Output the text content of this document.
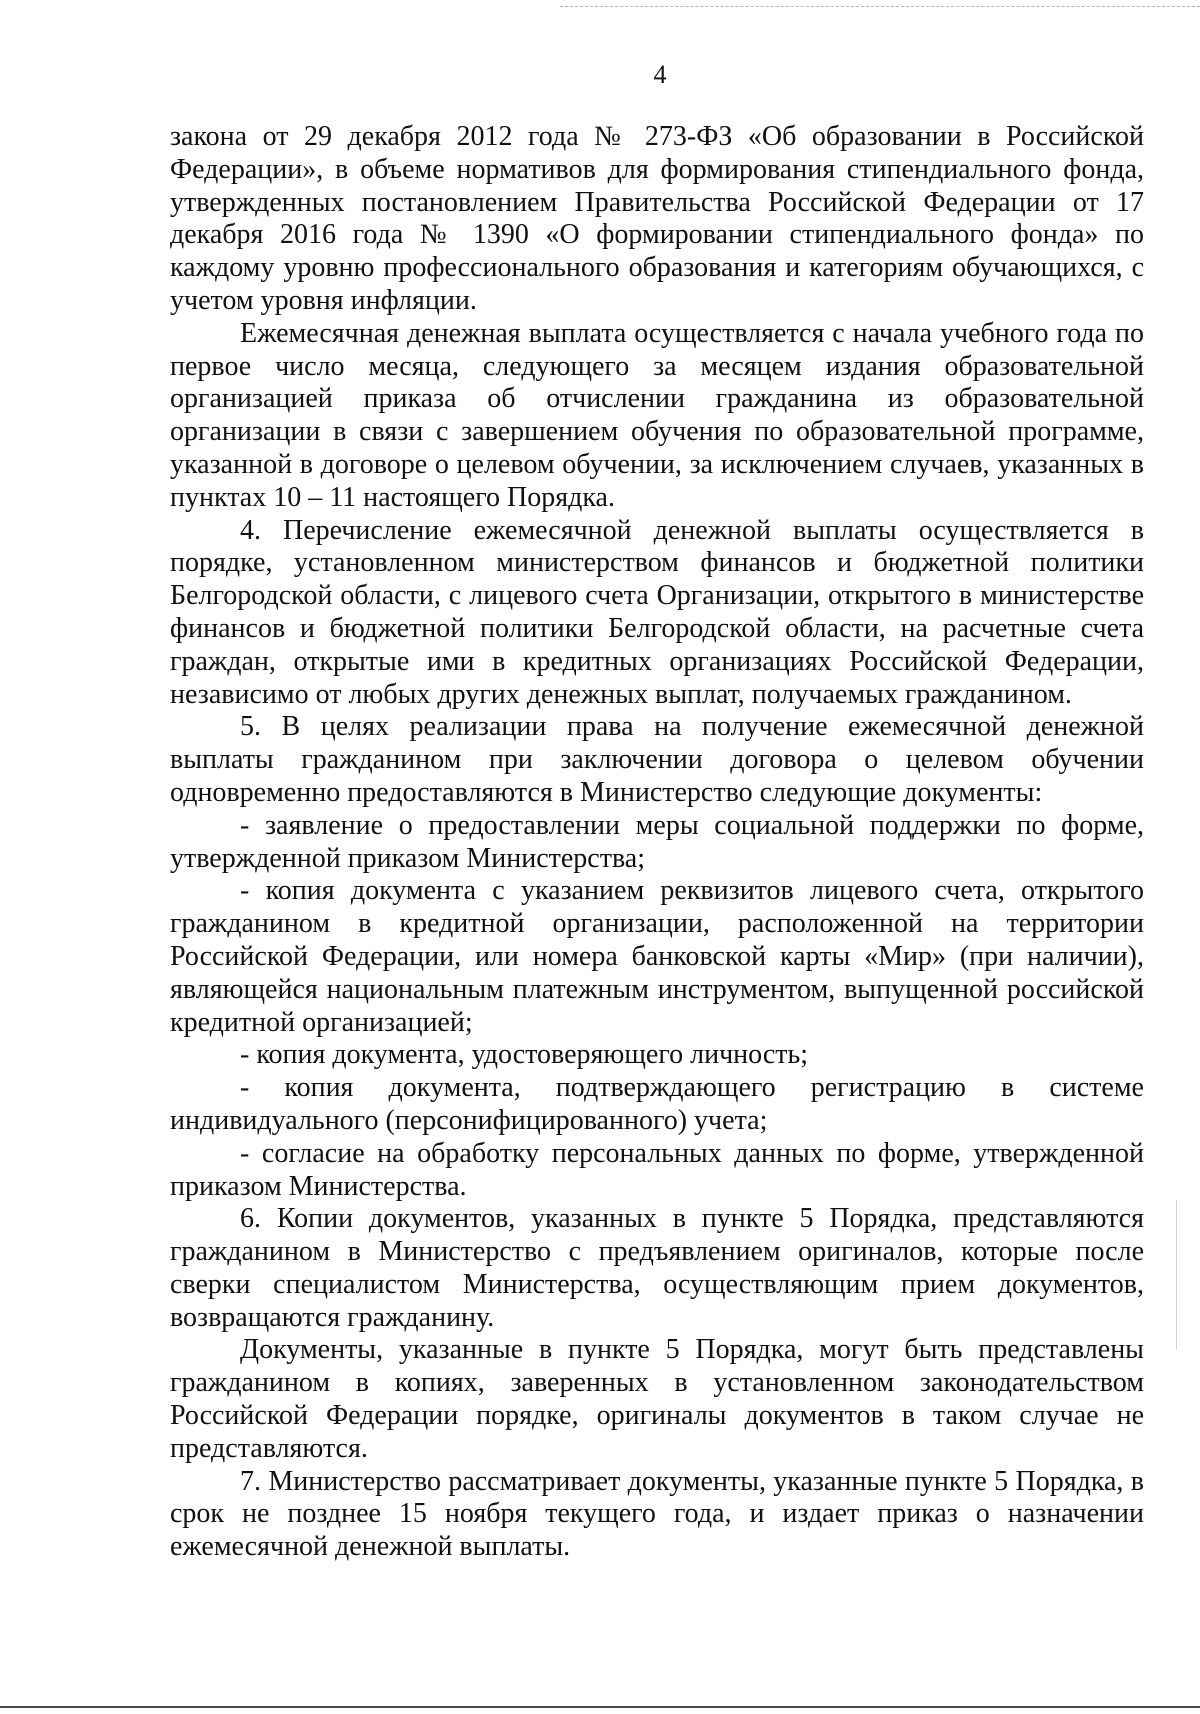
4

закона от 29 декабря 2012 года № 273-ФЗ «Об образовании в Российской Федерации», в объеме нормативов для формирования стипендиального фонда, утвержденных постановлением Правительства Российской Федерации от 17 декабря 2016 года № 1390 «О формировании стипендиального фонда» по каждому уровню профессионального образования и категориям обучающихся, с учетом уровня инфляции.

Ежемесячная денежная выплата осуществляется с начала учебного года по первое число месяца, следующего за месяцем издания образовательной организацией приказа об отчислении гражданина из образовательной организации в связи с завершением обучения по образовательной программе, указанной в договоре о целевом обучении, за исключением случаев, указанных в пунктах 10 – 11 настоящего Порядка.

4. Перечисление ежемесячной денежной выплаты осуществляется в порядке, установленном министерством финансов и бюджетной политики Белгородской области, с лицевого счета Организации, открытого в министерстве финансов и бюджетной политики Белгородской области, на расчетные счета граждан, открытые ими в кредитных организациях Российской Федерации, независимо от любых других денежных выплат, получаемых гражданином.

5. В целях реализации права на получение ежемесячной денежной выплаты гражданином при заключении договора о целевом обучении одновременно предоставляются в Министерство следующие документы:

- заявление о предоставлении меры социальной поддержки по форме, утвержденной приказом Министерства;

- копия документа с указанием реквизитов лицевого счета, открытого гражданином в кредитной организации, расположенной на территории Российской Федерации, или номера банковской карты «Мир» (при наличии), являющейся национальным платежным инструментом, выпущенной российской кредитной организацией;

- копия документа, удостоверяющего личность;

- копия документа, подтверждающего регистрацию в системе индивидуального (персонифицированного) учета;

- согласие на обработку персональных данных по форме, утвержденной приказом Министерства.

6. Копии документов, указанных в пункте 5 Порядка, представляются гражданином в Министерство с предъявлением оригиналов, которые после сверки специалистом Министерства, осуществляющим прием документов, возвращаются гражданину.

Документы, указанные в пункте 5 Порядка, могут быть представлены гражданином в копиях, заверенных в установленном законодательством Российской Федерации порядке, оригиналы документов в таком случае не представляются.

7. Министерство рассматривает документы, указанные пункте 5 Порядка, в срок не позднее 15 ноября текущего года, и издает приказ о назначении ежемесячной денежной выплаты.
